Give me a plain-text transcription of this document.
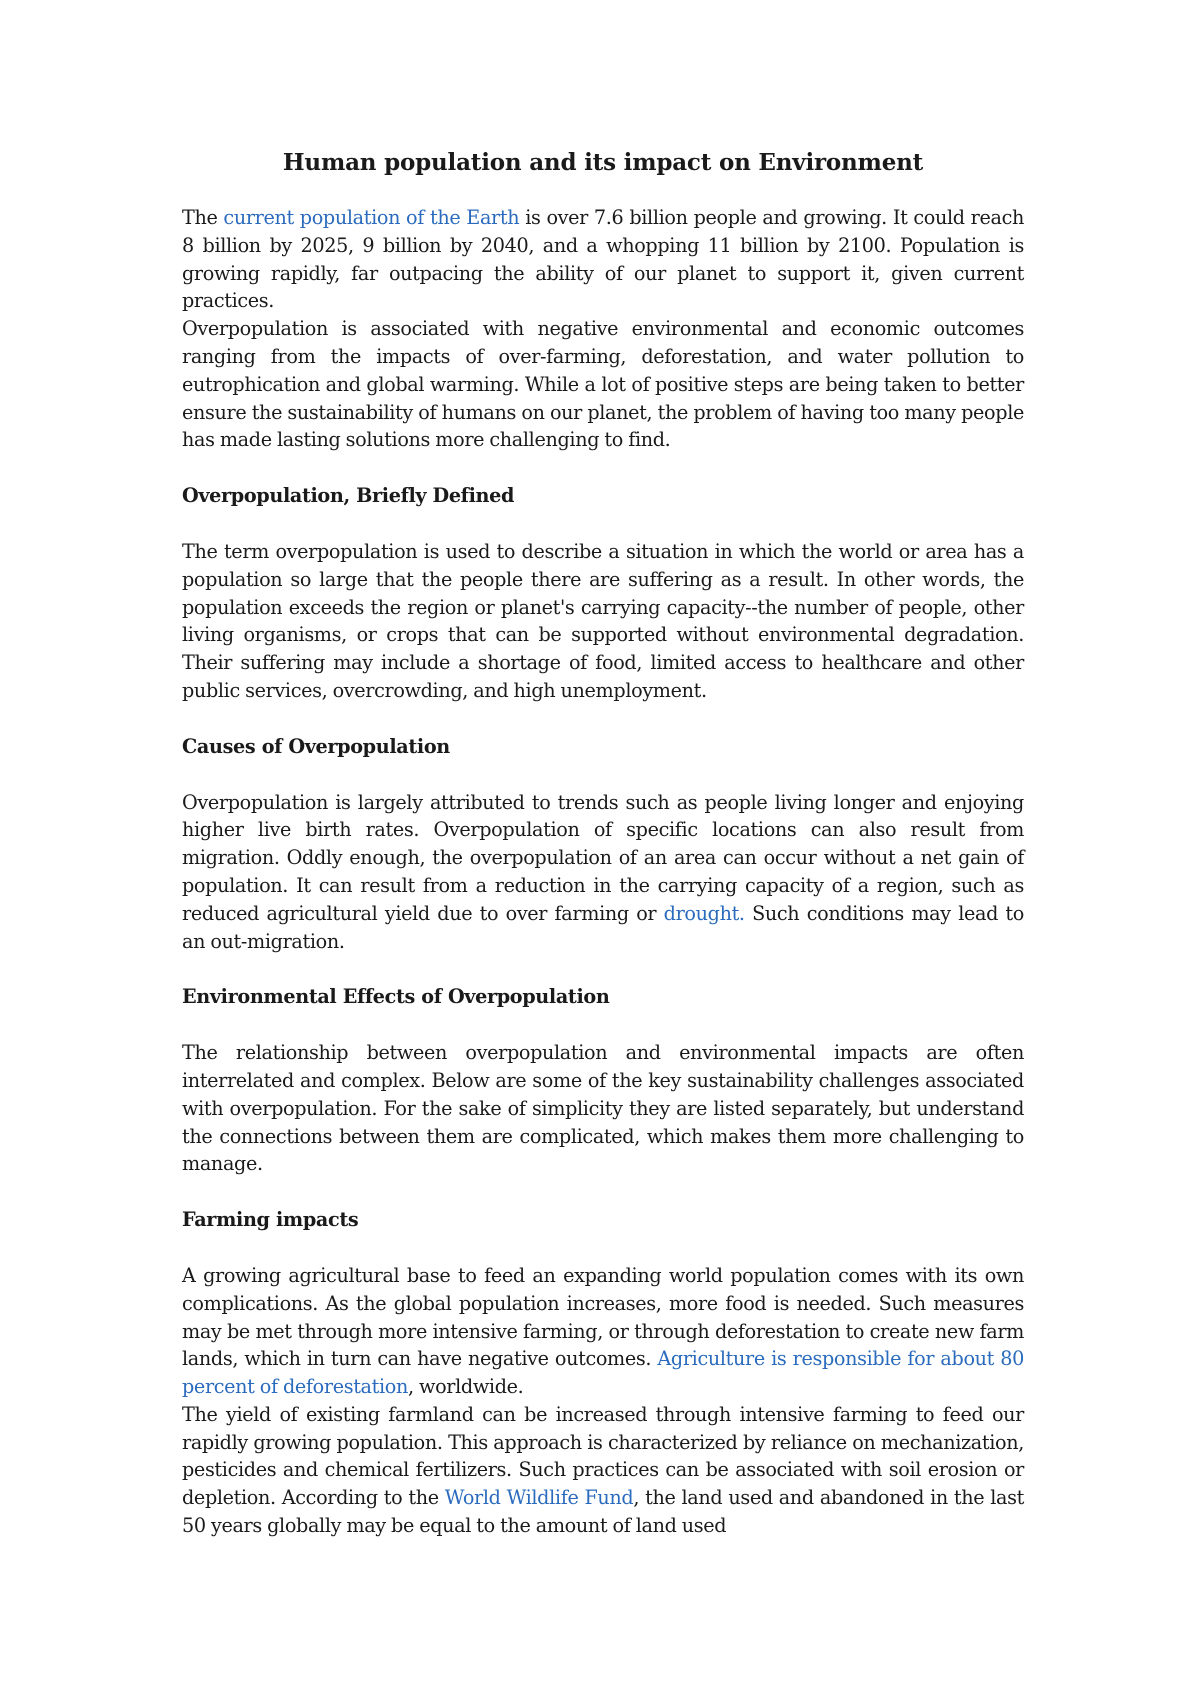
Human population and its impact on Environment

The current population of the Earth is over 7.6 billion people and growing. It could reach 8 billion by 2025, 9 billion by 2040, and a whopping 11 billion by 2100. Population is growing rapidly, far outpacing the ability of our planet to support it, given current practices.

Overpopulation is associated with negative environmental and economic outcomes ranging from the impacts of over-farming, deforestation, and water pollution to eutrophication and global warming. While a lot of positive steps are being taken to better ensure the sustainability of humans on our planet, the problem of having too many people has made lasting solutions more challenging to find.

Overpopulation, Briefly Defined

The term overpopulation is used to describe a situation in which the world or area has a population so large that the people there are suffering as a result. In other words, the population exceeds the region or planet's carrying capacity--the number of people, other living organisms, or crops that can be supported without environmental degradation. Their suffering may include a shortage of food, limited access to healthcare and other public services, overcrowding, and high unemployment.

Causes of Overpopulation

Overpopulation is largely attributed to trends such as people living longer and enjoying higher live birth rates. Overpopulation of specific locations can also result from migration. Oddly enough, the overpopulation of an area can occur without a net gain of population. It can result from a reduction in the carrying capacity of a region, such as reduced agricultural yield due to over farming or drought. Such conditions may lead to an out-migration.

Environmental Effects of Overpopulation

The relationship between overpopulation and environmental impacts are often interrelated and complex. Below are some of the key sustainability challenges associated with overpopulation. For the sake of simplicity they are listed separately, but understand the connections between them are complicated, which makes them more challenging to manage.

Farming impacts

A growing agricultural base to feed an expanding world population comes with its own complications. As the global population increases, more food is needed. Such measures may be met through more intensive farming, or through deforestation to create new farm lands, which in turn can have negative outcomes. Agriculture is responsible for about 80 percent of deforestation, worldwide.

The yield of existing farmland can be increased through intensive farming to feed our rapidly growing population. This approach is characterized by reliance on mechanization, pesticides and chemical fertilizers. Such practices can be associated with soil erosion or depletion. According to the World Wildlife Fund, the land used and abandoned in the last 50 years globally may be equal to the amount of land used
